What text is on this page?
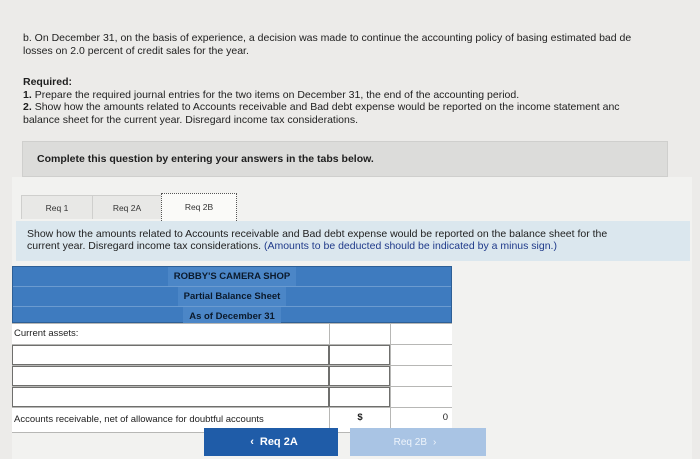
b. On December 31, on the basis of experience, a decision was made to continue the accounting policy of basing estimated bad de

losses on 2.0 percent of credit sales for the year.

Required:
1. Prepare the required journal entries for the two items on December 31, the end of the accounting period.
2. Show how the amounts related to Accounts receivable and Bad debt expense would be reported on the income statement anc
balance sheet for the current year. Disregard income tax considerations.
Complete this question by entering your answers in the tabs below.
Req 1	Req 2A	Req 2B
Show how the amounts related to Accounts receivable and Bad debt expense would be reported on the balance sheet for the
current year. Disregard income tax considerations. (Amounts to be deducted should be indicated by a minus sign.)
ROBBY'S CAMERA SHOP
Partial Balance Sheet
As of December 31
Current assets:
Accounts receivable, net of allowance for doubtful accounts	$	0
‹ Req 2A	Req 2B ›
